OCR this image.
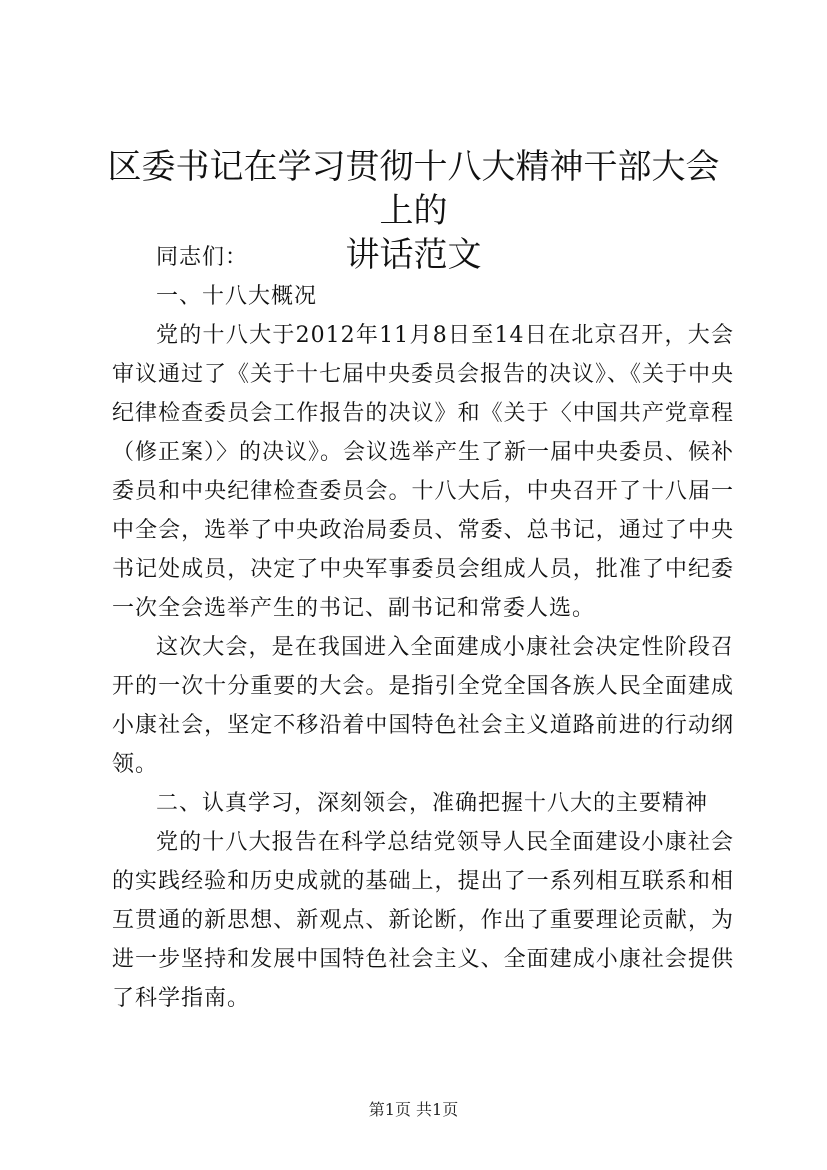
区委书记在学习贯彻十八大精神干部大会上的
讲话范文

同志们：

一、十八大概况

党的十八大于2012年11月8日至14日在北京召开，大会审议通过了《关于十七届中央委员会报告的决议》、《关于中央纪律检查委员会工作报告的决议》和《关于〈中国共产党章程（修正案）〉的决议》。会议选举产生了新一届中央委员、候补委员和中央纪律检查委员会。十八大后，中央召开了十八届一中全会，选举了中央政治局委员、常委、总书记，通过了中央书记处成员，决定了中央军事委员会组成人员，批准了中纪委一次全会选举产生的书记、副书记和常委人选。

这次大会，是在我国进入全面建成小康社会决定性阶段召开的一次十分重要的大会。是指引全党全国各族人民全面建成小康社会，坚定不移沿着中国特色社会主义道路前进的行动纲领。

二、认真学习，深刻领会，准确把握十八大的主要精神

党的十八大报告在科学总结党领导人民全面建设小康社会的实践经验和历史成就的基础上，提出了一系列相互联系和相互贯通的新思想、新观点、新论断，作出了重要理论贡献，为进一步坚持和发展中国特色社会主义、全面建成小康社会提供了科学指南。

第1页 共1页
